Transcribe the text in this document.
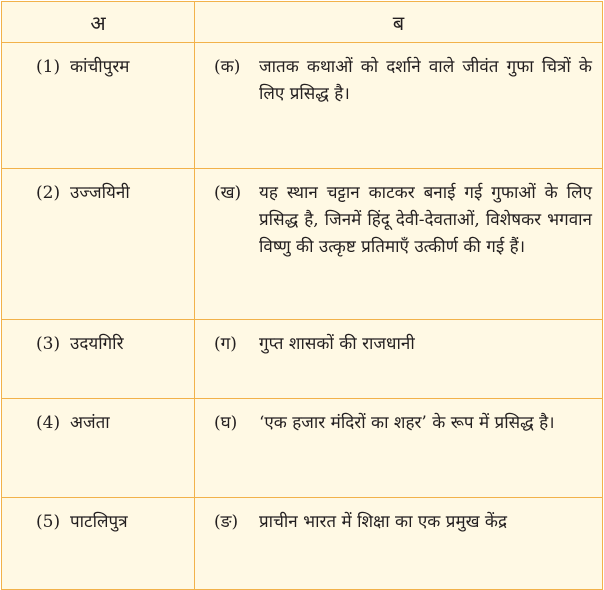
अ	ब
(1) कांचीपुरम	(क) जातक कथाओं को दर्शाने वाले जीवंत गुफा चित्रों के लिए प्रसिद्ध है।

(2) उज्जयिनी	(ख) यह स्थान चट्टान काटकर बनाई गई गुफाओं के लिए प्रसिद्ध है, जिनमें हिंदू देवी-देवताओं, विशेषकर भगवान विष्णु की उत्कृष्ट प्रतिमाएँ उत्कीर्ण की गई हैं।

(3) उदयगिरि	(ग) गुप्त शासकों की राजधानी

(4) अजंता	(घ) ‘एक हजार मंदिरों का शहर’ के रूप में प्रसिद्ध है।

(5) पाटलिपुत्र	(ङ) प्राचीन भारत में शिक्षा का एक प्रमुख केंद्र
